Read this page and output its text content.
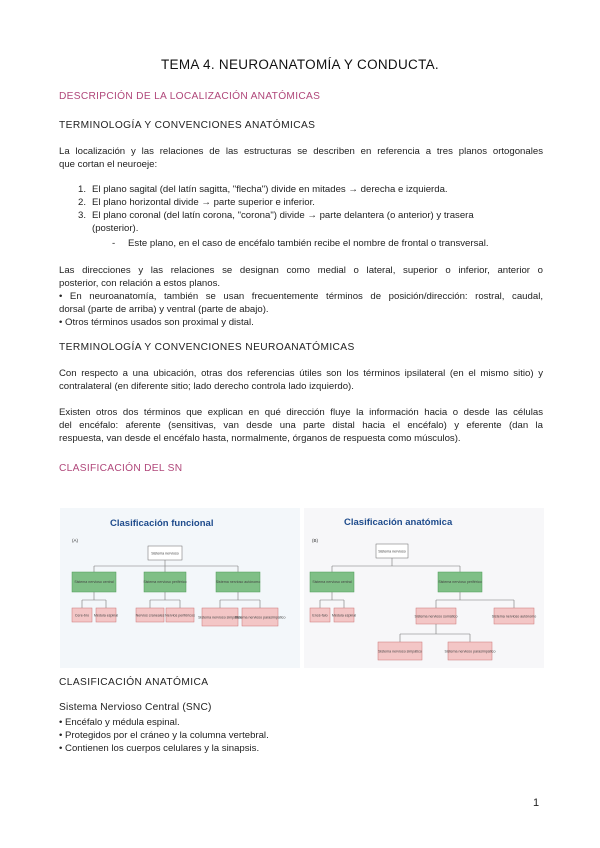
TEMA 4. NEUROANATOMÍA Y CONDUCTA.
DESCRIPCIÓN DE LA LOCALIZACIÓN ANATÓMICAS
TERMINOLOGÍA Y CONVENCIONES ANATÓMICAS
La localización y las relaciones de las estructuras se describen en referencia a tres planos ortogonales
que cortan el neuroeje:
1. El plano sagital (del latín sagitta, "flecha") divide en mitades → derecha e izquierda.
2. El plano horizontal divide → parte superior e inferior.
3. El plano coronal (del latín corona, "corona") divide → parte delantera (o anterior) y trasera
(posterior).
- Este plano, en el caso de encéfalo también recibe el nombre de frontal o transversal.
Las direcciones y las relaciones se designan como medial o lateral, superior o inferior, anterior o
posterior, con relación a estos planos.
• En neuroanatomía, también se usan frecuentemente términos de posición/dirección: rostral, caudal,
dorsal (parte de arriba) y ventral (parte de abajo).
• Otros términos usados son proximal y distal.
TERMINOLOGÍA Y CONVENCIONES NEUROANATÓMICAS
Con respecto a una ubicación, otras dos referencias útiles son los términos ipsilateral (en el mismo sitio) y
contralateral (en diferente sitio; lado derecho controla lado izquierdo).
Existen otros dos términos que explican en qué dirección fluye la información hacia o desde las células
del encéfalo: aferente (sensitivas, van desde una parte distal hacia el encéfalo) y eferente (dan la
respuesta, van desde el encéfalo hasta, normalmente, órganos de respuesta como músculos).
CLASIFICACIÓN DEL SN
Clasificación funcional
(A)
Sistema nervioso
Sistema nervioso central	Sistema nervioso periférico	Sistema nervioso autónomo
Cere-bro Médula espinal	Nervios craneales Nervios periféricos Sistema nervioso simpático
Sistema nervioso parasimpático
Clasificación anatómica
(B)
Sistema nervioso
Sistema nervioso central	Sistema nervioso periférico
Encé-falo Médula espinal	Sistema nervioso somático	Sistema nervioso autónomo
Sistema nervioso simpático	Sistema nervioso parasimpático
CLASIFICACIÓN ANATÓMICA
Sistema Nervioso Central (SNC)
• Encéfalo y médula espinal.
• Protegidos por el cráneo y la columna vertebral.
• Contienen los cuerpos celulares y la sinapsis.
1
